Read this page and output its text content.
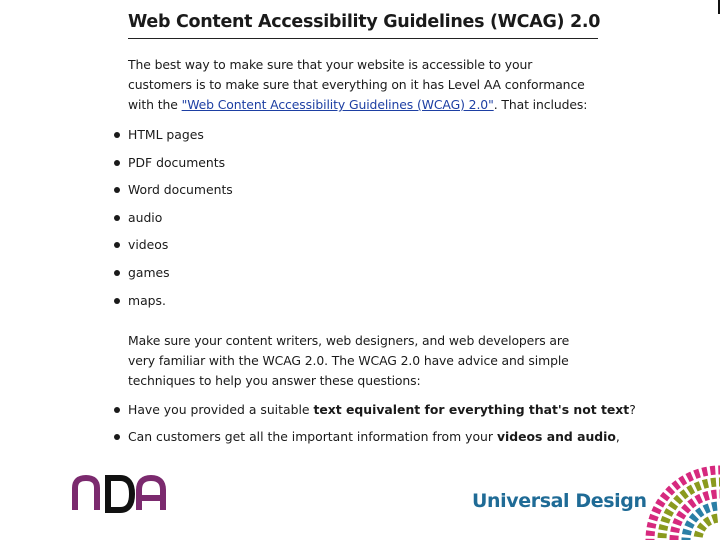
Web Content Accessibility Guidelines (WCAG) 2.0

The best way to make sure that your website is accessible to your customers is to make sure that everything on it has Level AA conformance with the "Web Content Accessibility Guidelines (WCAG) 2.0". That includes:

HTML pages
PDF documents
Word documents
audio
videos
games
maps.

Make sure your content writers, web designers, and web developers are very familiar with the WCAG 2.0. The WCAG 2.0 have advice and simple techniques to help you answer these questions:

Have you provided a suitable text equivalent for everything that's not text?
Can customers get all the important information from your videos and audio,
Universal Design
